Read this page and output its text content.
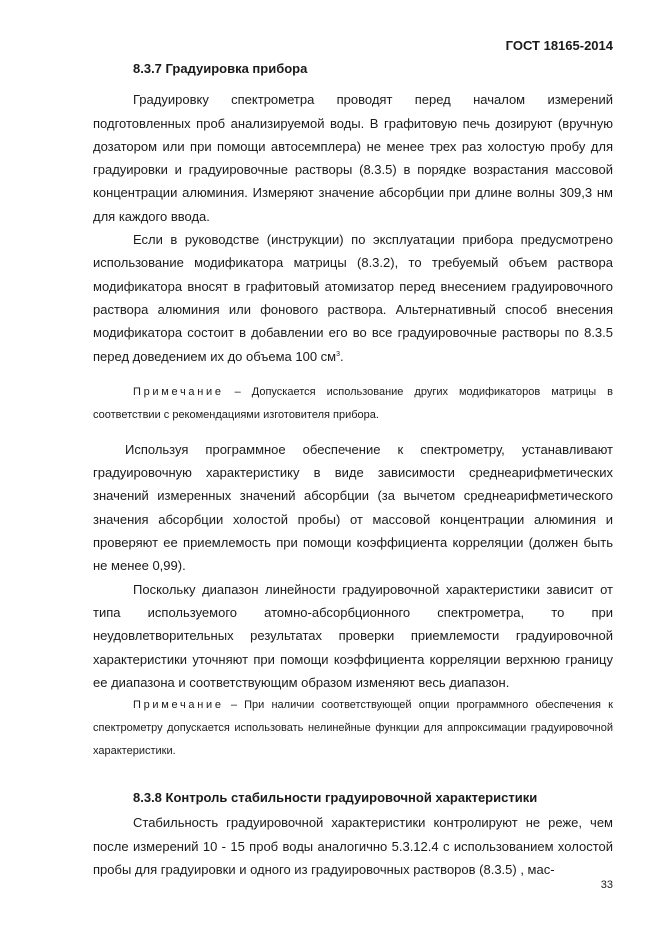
ГОСТ 18165-2014

8.3.7 Градуировка прибора

Градуировку спектрометра проводят перед началом измерений подготовленных проб анализируемой воды. В графитовую печь дозируют (вручную дозатором или при помощи автосемплера) не менее трех раз холостую пробу для градуировки и градуировочные растворы (8.3.5) в порядке возрастания массовой концентрации алюминия. Измеряют значение абсорбции при длине волны 309,3 нм для каждого ввода.

Если в руководстве (инструкции) по эксплуатации прибора предусмотрено использование модификатора матрицы (8.3.2), то требуемый объем раствора модификатора вносят в графитовый атомизатор перед внесением градуировочного раствора алюминия или фонового раствора. Альтернативный способ внесения модификатора состоит в добавлении его во все градуировочные растворы по 8.3.5 перед доведением их до объема 100 $см^3$.

Примечание – Допускается использование других модификаторов матрицы в соответствии с рекомендациями изготовителя прибора.

Используя программное обеспечение к спектрометру, устанавливают градуировочную характеристику в виде зависимости среднеарифметических значений измеренных значений абсорбции (за вычетом среднеарифметического значения абсорбции холостой пробы) от массовой концентрации алюминия и проверяют ее приемлемость при помощи коэффициента корреляции (должен быть не менее 0,99).

Поскольку диапазон линейности градуировочной характеристики зависит от типа используемого атомно-абсорбционного спектрометра, то при неудовлетворительных результатах проверки приемлемости градуировочной характеристики уточняют при помощи коэффициента корреляции верхнюю границу ее диапазона и соответствующим образом изменяют весь диапазон.

Примечание – При наличии соответствующей опции программного обеспечения к спектрометру допускается использовать нелинейные функции для аппроксимации градуировочной характеристики.

8.3.8 Контроль стабильности градуировочной характеристики

Стабильность градуировочной характеристики контролируют не реже, чем после измерений 10 - 15 проб воды аналогично 5.3.12.4 с использованием холостой пробы для градуировки и одного из градуировочных растворов (8.3.5) , мас-

33
